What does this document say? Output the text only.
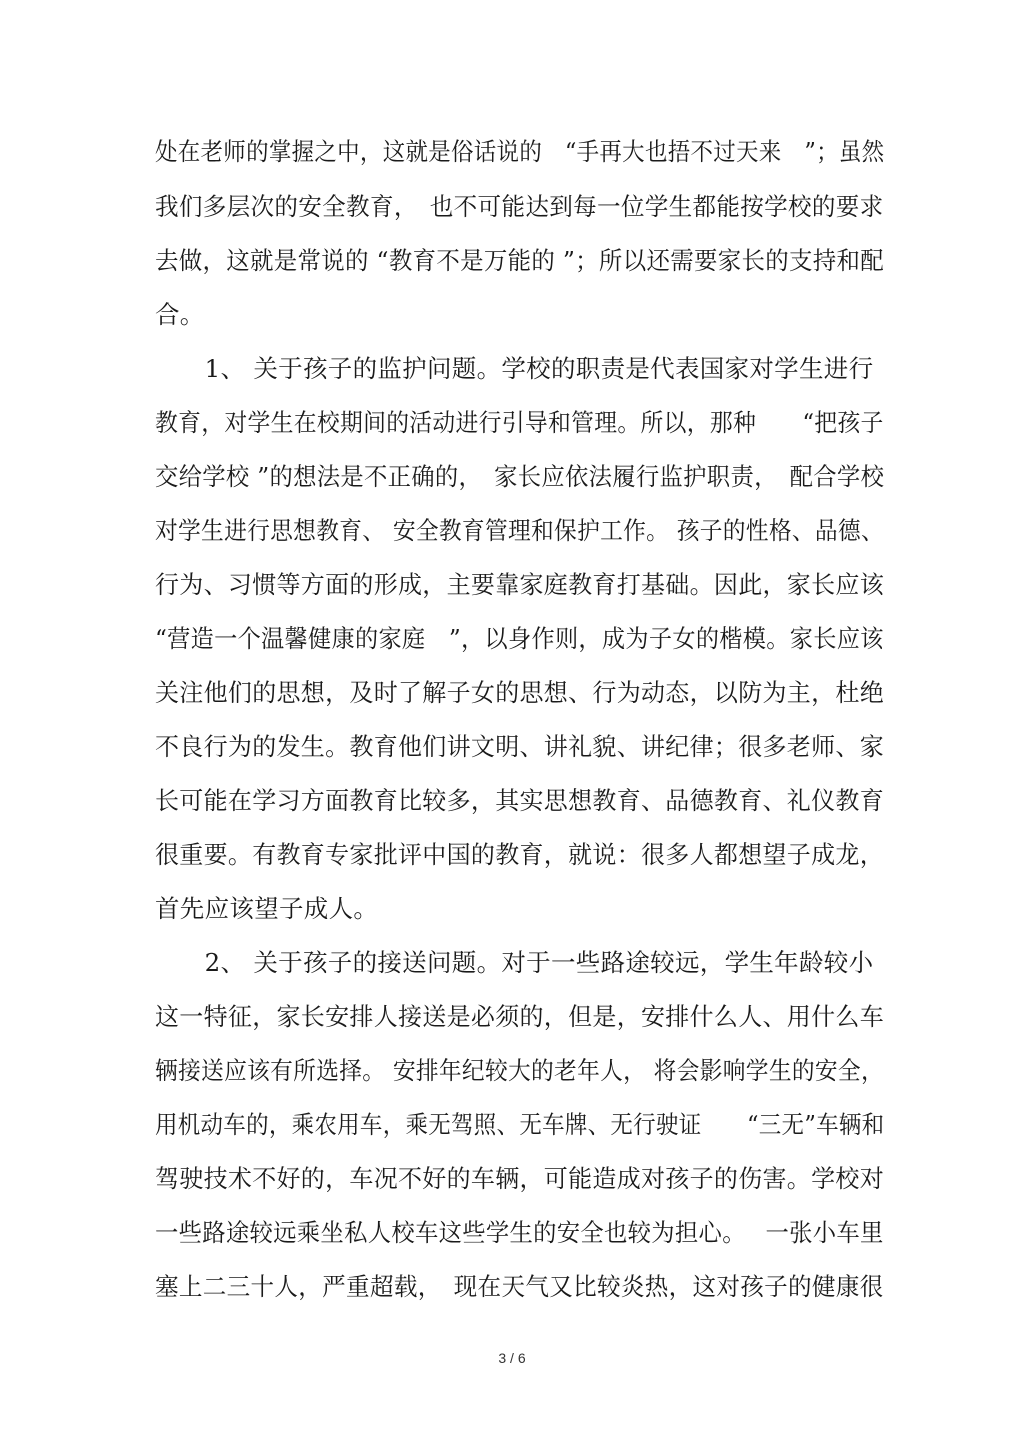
处在老师的掌握之中，这就是俗话说的　“手再大也捂不过天来　”；虽然
我们多层次的安全教育，　也不可能达到每一位学生都能按学校的要求
去做，这就是常说的 “教育不是万能的 ”；所以还需要家长的支持和配
合。
　　1、 关于孩子的监护问题。学校的职责是代表国家对学生进行
教育，对学生在校期间的活动进行引导和管理。所以，那种　　“把孩子
交给学校 ”的想法是不正确的，　家长应依法履行监护职责，　配合学校
对学生进行思想教育、 安全教育管理和保护工作。 孩子的性格、品德、
行为、习惯等方面的形成，主要靠家庭教育打基础。因此，家长应该
“营造一个温馨健康的家庭　”，以身作则，成为子女的楷模。家长应该
关注他们的思想，及时了解子女的思想、行为动态，以防为主，杜绝
不良行为的发生。教育他们讲文明、讲礼貌、讲纪律；很多老师、家
长可能在学习方面教育比较多，其实思想教育、品德教育、礼仪教育
很重要。有教育专家批评中国的教育，就说：很多人都想望子成龙，
首先应该望子成人。
　　2、 关于孩子的接送问题。对于一些路途较远，学生年龄较小
这一特征，家长安排人接送是必须的，但是，安排什么人、用什么车
辆接送应该有所选择。 安排年纪较大的老年人， 将会影响学生的安全，
用机动车的，乘农用车，乘无驾照、无车牌、无行驶证　　“三无”车辆和
驾驶技术不好的，车况不好的车辆，可能造成对孩子的伤害。学校对
一些路途较远乘坐私人校车这些学生的安全也较为担心。　 一张小车里
塞上二三十人，严重超载，　现在天气又比较炎热，这对孩子的健康很
3 / 6
